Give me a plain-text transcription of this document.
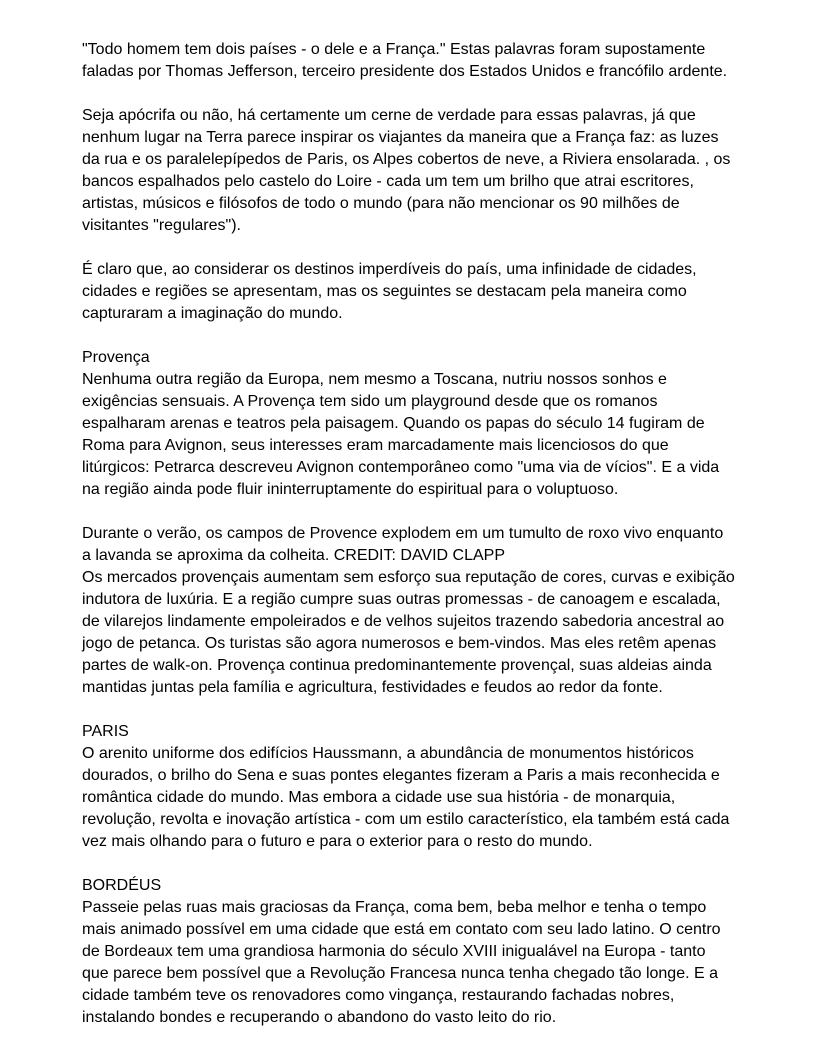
"Todo homem tem dois países - o dele e a França." Estas palavras foram supostamente
faladas por Thomas Jefferson, terceiro presidente dos Estados Unidos e francófilo ardente.

Seja apócrifa ou não, há certamente um cerne de verdade para essas palavras, já que
nenhum lugar na Terra parece inspirar os viajantes da maneira que a França faz: as luzes
da rua e os paralelepípedos de Paris, os Alpes cobertos de neve, a Riviera ensolarada. , os
bancos espalhados pelo castelo do Loire - cada um tem um brilho que atrai escritores,
artistas, músicos e filósofos de todo o mundo (para não mencionar os 90 milhões de
visitantes "regulares").

É claro que, ao considerar os destinos imperdíveis do país, uma infinidade de cidades,
cidades e regiões se apresentam, mas os seguintes se destacam pela maneira como
capturaram a imaginação do mundo.

Provença

Nenhuma outra região da Europa, nem mesmo a Toscana, nutriu nossos sonhos e
exigências sensuais. A Provença tem sido um playground desde que os romanos
espalharam arenas e teatros pela paisagem. Quando os papas do século 14 fugiram de
Roma para Avignon, seus interesses eram marcadamente mais licenciosos do que
litúrgicos: Petrarca descreveu Avignon contemporâneo como "uma via de vícios". E a vida
na região ainda pode fluir ininterruptamente do espiritual para o voluptuoso.

Durante o verão, os campos de Provence explodem em um tumulto de roxo vivo enquanto
a lavanda se aproxima da colheita. CREDIT: DAVID CLAPP

Os mercados provençais aumentam sem esforço sua reputação de cores, curvas e exibição
indutora de luxúria. E a região cumpre suas outras promessas - de canoagem e escalada,
de vilarejos lindamente empoleirados e de velhos sujeitos trazendo sabedoria ancestral ao
jogo de petanca. Os turistas são agora numerosos e bem-vindos. Mas eles retêm apenas
partes de walk-on. Provença continua predominantemente provençal, suas aldeias ainda
mantidas juntas pela família e agricultura, festividades e feudos ao redor da fonte.

PARIS

O arenito uniforme dos edifícios Haussmann, a abundância de monumentos históricos
dourados, o brilho do Sena e suas pontes elegantes fizeram a Paris a mais reconhecida e
romântica cidade do mundo. Mas embora a cidade use sua história - de monarquia,
revolução, revolta e inovação artística - com um estilo característico, ela também está cada
vez mais olhando para o futuro e para o exterior para o resto do mundo.

BORDÉUS

Passeie pelas ruas mais graciosas da França, coma bem, beba melhor e tenha o tempo
mais animado possível em uma cidade que está em contato com seu lado latino. O centro
de Bordeaux tem uma grandiosa harmonia do século XVIII inigualável na Europa - tanto
que parece bem possível que a Revolução Francesa nunca tenha chegado tão longe. E a
cidade também teve os renovadores como vingança, restaurando fachadas nobres,
instalando bondes e recuperando o abandono do vasto leito do rio.
